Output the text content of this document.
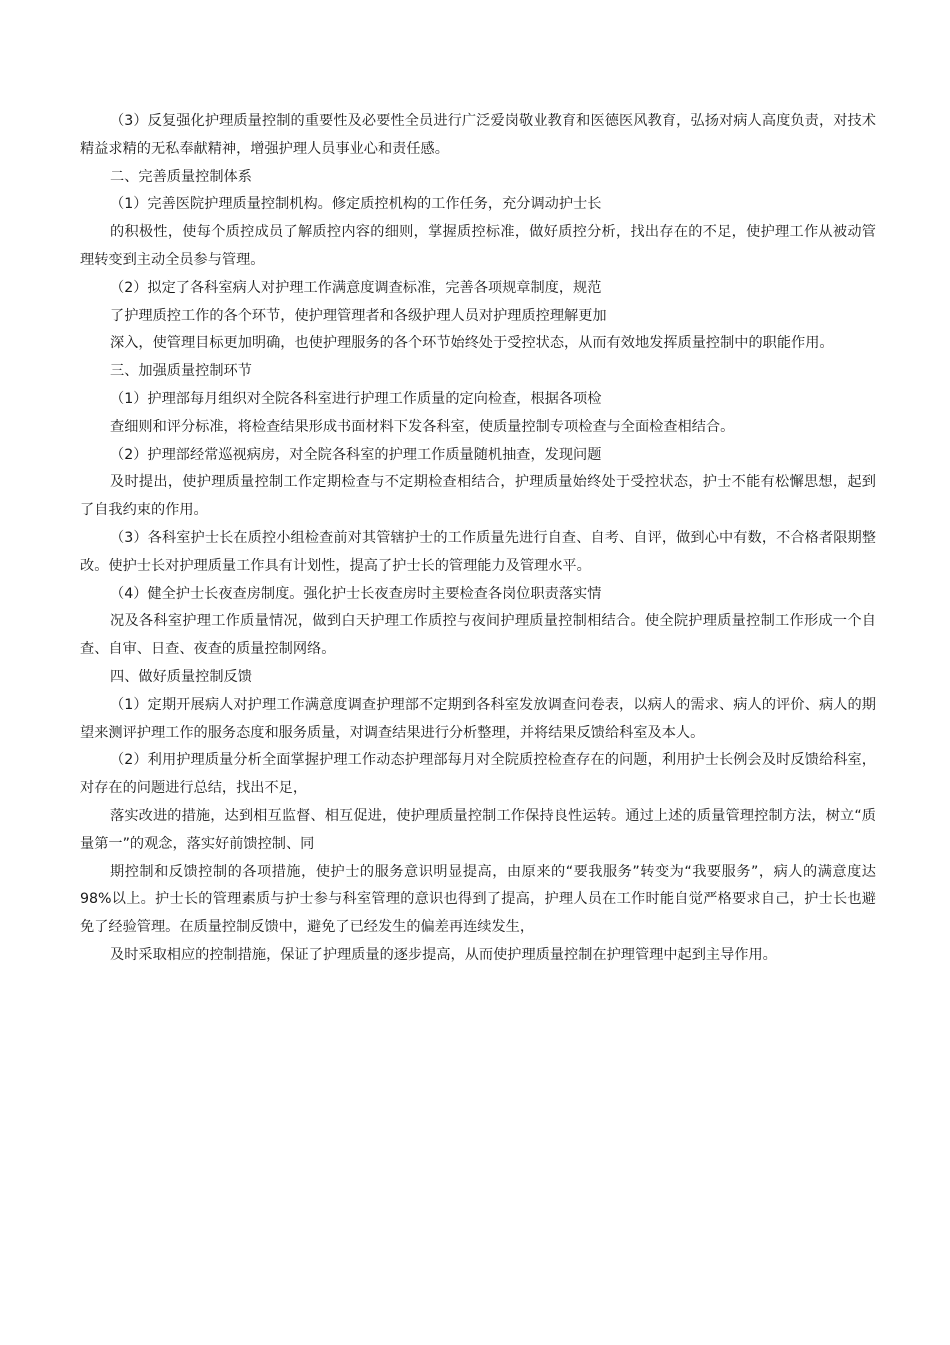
（3）反复强化护理质量控制的重要性及必要性全员进行广泛爱岗敬业教育和医德医风教育，弘扬对病人高度负责，对技术精益求精的无私奉献精神，增强护理人员事业心和责任感。

二、完善质量控制体系

（1）完善医院护理质量控制机构。修定质控机构的工作任务，充分调动护士长

的积极性，使每个质控成员了解质控内容的细则，掌握质控标准，做好质控分析，找出存在的不足，使护理工作从被动管理转变到主动全员参与管理。

（2）拟定了各科室病人对护理工作满意度调查标准，完善各项规章制度，规范

了护理质控工作的各个环节，使护理管理者和各级护理人员对护理质控理解更加

深入，使管理目标更加明确，也使护理服务的各个环节始终处于受控状态，从而有效地发挥质量控制中的职能作用。

三、加强质量控制环节

（1）护理部每月组织对全院各科室进行护理工作质量的定向检查，根据各项检

查细则和评分标准，将检查结果形成书面材料下发各科室，使质量控制专项检查与全面检查相结合。

（2）护理部经常巡视病房，对全院各科室的护理工作质量随机抽查，发现问题

及时提出，使护理质量控制工作定期检查与不定期检查相结合，护理质量始终处于受控状态，护士不能有松懈思想，起到了自我约束的作用。

（3）各科室护士长在质控小组检查前对其管辖护士的工作质量先进行自查、自考、自评，做到心中有数，不合格者限期整改。使护士长对护理质量工作具有计划性，提高了护士长的管理能力及管理水平。

（4）健全护士长夜查房制度。强化护士长夜查房时主要检查各岗位职责落实情

况及各科室护理工作质量情况，做到白天护理工作质控与夜间护理质量控制相结合。使全院护理质量控制工作形成一个自查、自审、日查、夜查的质量控制网络。

四、做好质量控制反馈

（1）定期开展病人对护理工作满意度调查护理部不定期到各科室发放调查问卷表，以病人的需求、病人的评价、病人的期望来测评护理工作的服务态度和服务质量，对调查结果进行分析整理，并将结果反馈给科室及本人。

（2）利用护理质量分析全面掌握护理工作动态护理部每月对全院质控检查存在的问题，利用护士长例会及时反馈给科室，对存在的问题进行总结，找出不足，

落实改进的措施，达到相互监督、相互促进，使护理质量控制工作保持良性运转。通过上述的质量管理控制方法，树立“质量第一”的观念，落实好前馈控制、同

期控制和反馈控制的各项措施，使护士的服务意识明显提高，由原来的“要我服务”转变为“我要服务”，病人的满意度达 98%以上。护士长的管理素质与护士参与科室管理的意识也得到了提高，护理人员在工作时能自觉严格要求自己，护士长也避免了经验管理。在质量控制反馈中，避免了已经发生的偏差再连续发生，

及时采取相应的控制措施，保证了护理质量的逐步提高，从而使护理质量控制在护理管理中起到主导作用。
